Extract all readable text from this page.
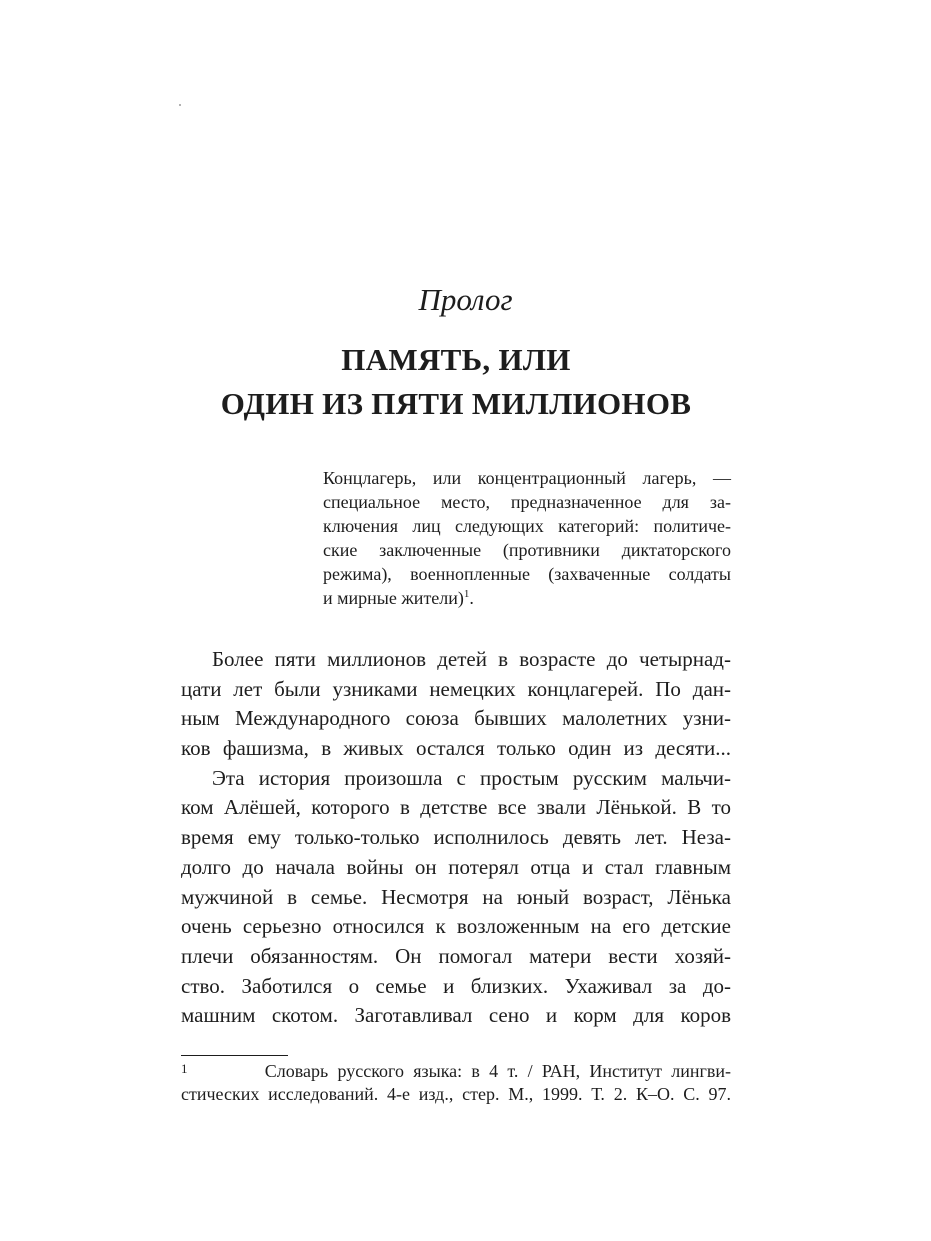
Пролог
ПАМЯТЬ, ИЛИ
ОДИН ИЗ ПЯТИ МИЛЛИОНОВ
Концлагерь, или концентрационный лагерь, —
специальное место, предназначенное для за-
ключения лиц следующих категорий: политиче-
ские заключенные (противники диктаторского
режима), военнопленные (захваченные солдаты
и мирные жители)$^1$.
Более пяти миллионов детей в возрасте до четырнад-
цати лет были узниками немецких концлагерей. По дан-
ным Международного союза бывших малолетних узни-
ков фашизма, в живых остался только один из десяти...
Эта история произошла с простым русским мальчи-
ком Алёшей, которого в детстве все звали Лёнькой. В то
время ему только-только исполнилось девять лет. Неза-
долго до начала войны он потерял отца и стал главным
мужчиной в семье. Несмотря на юный возраст, Лёнька
очень серьезно относился к возложенным на его детские
плечи обязанностям. Он помогал матери вести хозяй-
ство. Заботился о семье и близких. Ухаживал за до-
машним скотом. Заготавливал сено и корм для коров
$^1$	Словарь русского языка: в 4 т. / РАН, Институт лингви-
стических исследований. 4-е изд., стер. М., 1999. Т. 2. К–О. С. 97.
